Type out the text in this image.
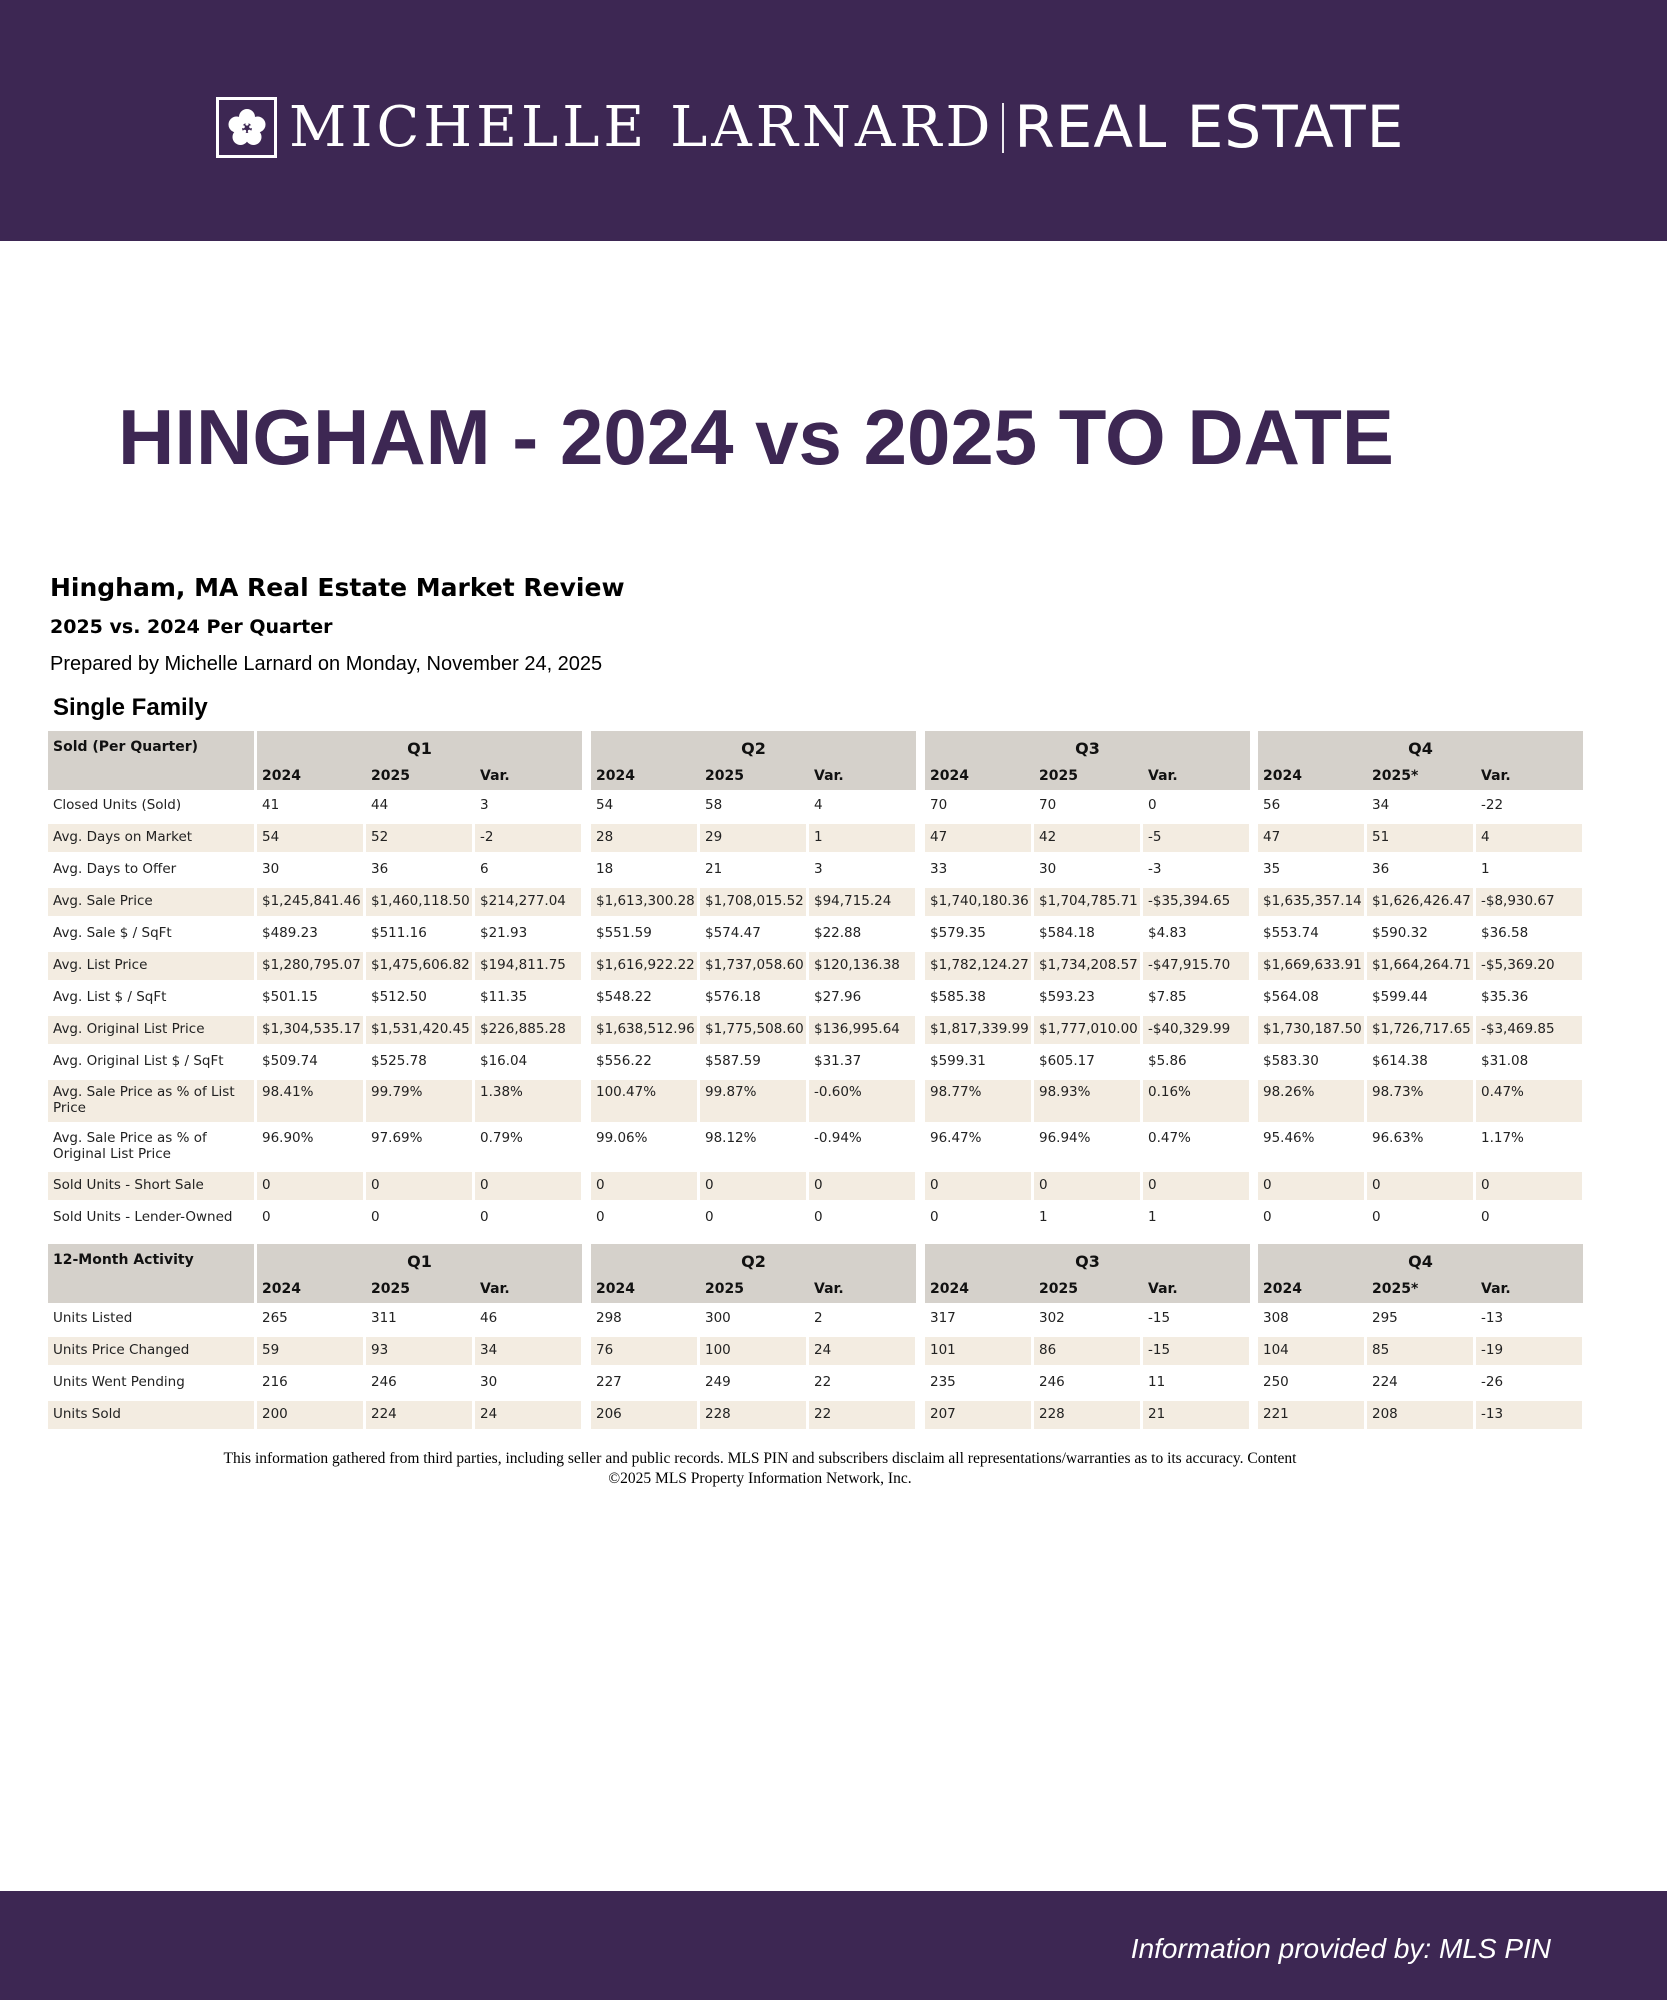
MICHELLE LARNARD REAL ESTATE
HINGHAM - 2024 vs 2025 TO DATE
Hingham, MA Real Estate Market Review
2025 vs. 2024 Per Quarter
Prepared by Michelle Larnard on Monday, November 24, 2025
Single Family
Sold (Per Quarter)	Q1
2024	2025	Var.
Q2
2024	2025	Var.
Q3
2024	2025	Var.
Q4
2024	2025*	Var.
Closed Units (Sold)	41	44	3	54	58	4	70	70	0	56	34	-22
Avg. Days on Market	54	52	-2	28	29	1	47	42	-5	47	51	4
Avg. Days to Offer	30	36	6	18	21	3	33	30	-3	35	36	1
Avg. Sale Price	$1,245,841.46 $1,460,118.50 $214,277.04	$1,613,300.28 $1,708,015.52 $94,715.24	$1,740,180.36 $1,704,785.71 -$35,394.65	$1,635,357.14 $1,626,426.47 -$8,930.67
Avg. Sale $ / SqFt	$489.23	$511.16	$21.93	$551.59	$574.47	$22.88	$579.35	$584.18	$4.83	$553.74	$590.32	$36.58
Avg. List Price	$1,280,795.07 $1,475,606.82 $194,811.75	$1,616,922.22 $1,737,058.60 $120,136.38	$1,782,124.27 $1,734,208.57 -$47,915.70	$1,669,633.91 $1,664,264.71 -$5,369.20
Avg. List $ / SqFt	$501.15	$512.50	$11.35	$548.22	$576.18	$27.96	$585.38	$593.23	$7.85	$564.08	$599.44	$35.36
Avg. Original List Price	$1,304,535.17 $1,531,420.45 $226,885.28	$1,638,512.96 $1,775,508.60 $136,995.64	$1,817,339.99 $1,777,010.00 -$40,329.99	$1,730,187.50 $1,726,717.65 -$3,469.85
Avg. Original List $ / SqFt	$509.74	$525.78	$16.04	$556.22	$587.59	$31.37	$599.31	$605.17	$5.86	$583.30	$614.38	$31.08
Avg. Sale Price as % of List Price
98.41%	99.79%	1.38%	100.47%	99.87%	-0.60%	98.77%	98.93%	0.16%	98.26%	98.73%	0.47%
Avg. Sale Price as % of Original List Price
96.90%	97.69%	0.79%	99.06%	98.12%	-0.94%	96.47%	96.94%	0.47%	95.46%	96.63%	1.17%
Sold Units - Short Sale	0	0	0	0	0	0	0	0	0	0	0	0
Sold Units - Lender-Owned	0	0	0	0	0	0	0	1	1	0	0	0
12-Month Activity	Q1
2024	2025	Var.
Q2
2024	2025	Var.
Q3
2024	2025	Var.
Q4
2024	2025*	Var.
Units Listed	265	311	46	298	300	2	317	302	-15	308	295	-13
Units Price Changed	59	93	34	76	100	24	101	86	-15	104	85	-19
Units Went Pending	216	246	30	227	249	22	235	246	11	250	224	-26
Units Sold	200	224	24	206	228	22	207	228	21	221	208	-13
This information gathered from third parties, including seller and public records. MLS PIN and subscribers disclaim all representations/warranties as to its accuracy. Content ©2025 MLS Property Information Network, Inc.
Information provided by: MLS PIN
